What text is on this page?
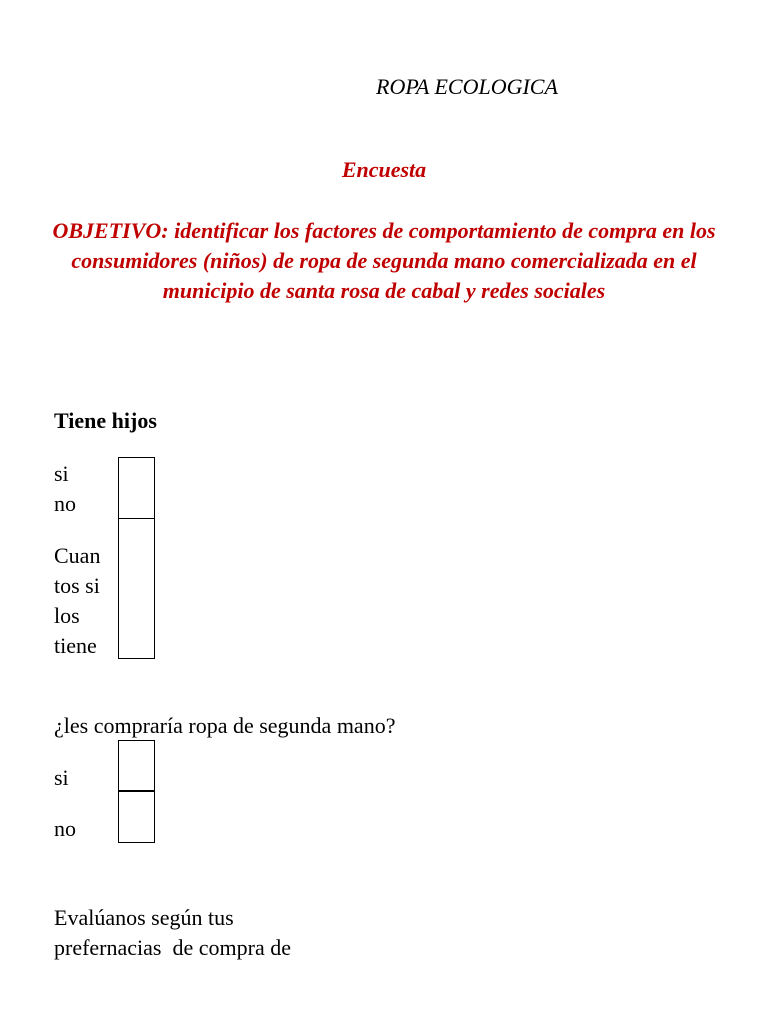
ROPA ECOLOGICA
Encuesta
OBJETIVO: identificar los factores de comportamiento de compra en los consumidores (niños) de ropa de segunda mano comercializada en el municipio de santa rosa de cabal y redes sociales
Tiene hijos
si
no
Cuan
tos si
los
tiene
¿les compraría ropa de segunda mano?
si
no
Evalúanos según tus
prefernacias  de compra de
